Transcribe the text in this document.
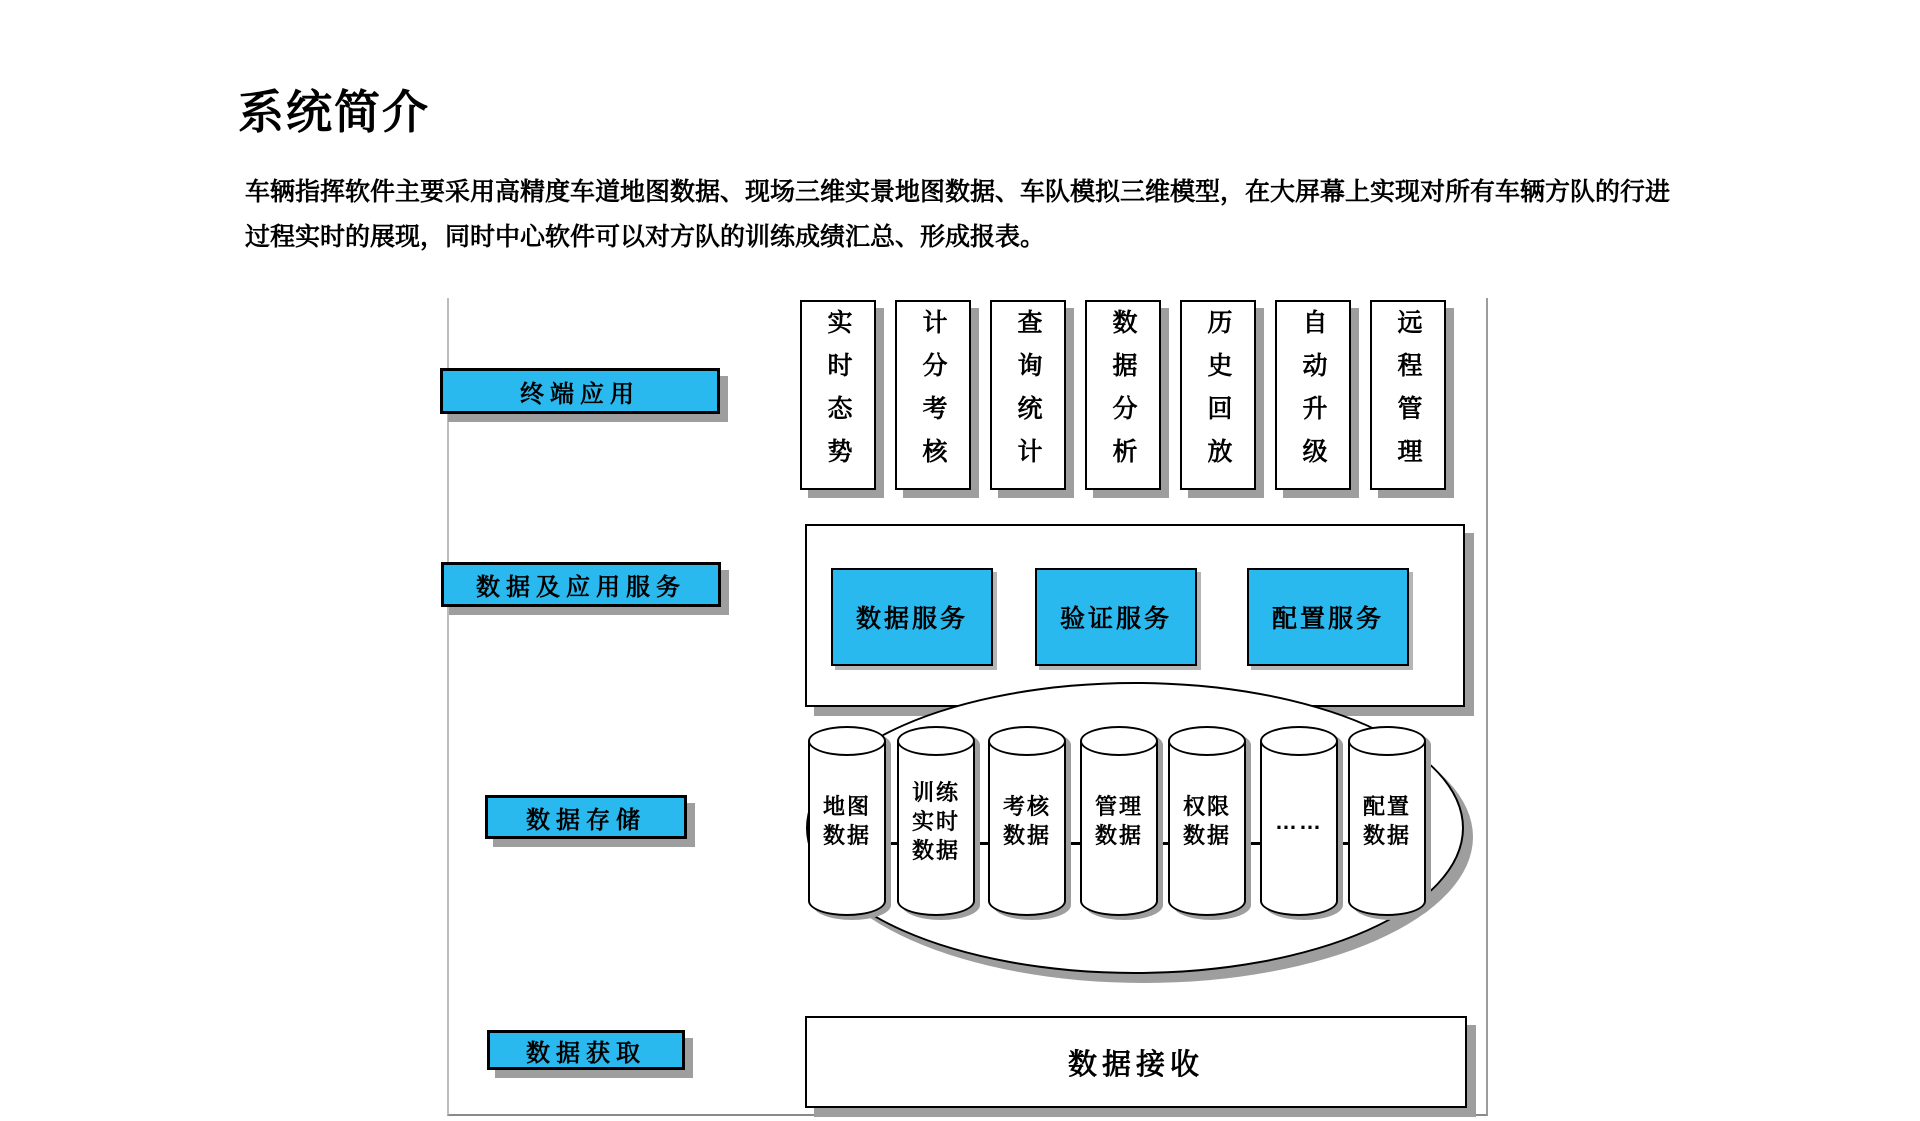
系统简介
车辆指挥软件主要采用高精度车道地图数据、现场三维实景地图数据、车队模拟三维模型，在大屏幕上实现对所有车辆方队的行进
过程实时的展现，同时中心软件可以对方队的训练成绩汇总、形成报表。
终端应用
数据及应用服务
数据存储
数据获取
实时态势	计分考核	查询统计	数据分析	历史回放	自动升级	远程管理
数据服务	验证服务	配置服务
地图
数据
训练
实时
数据
考核
数据
管理
数据
权限
数据
……
配置
数据
数据接收
